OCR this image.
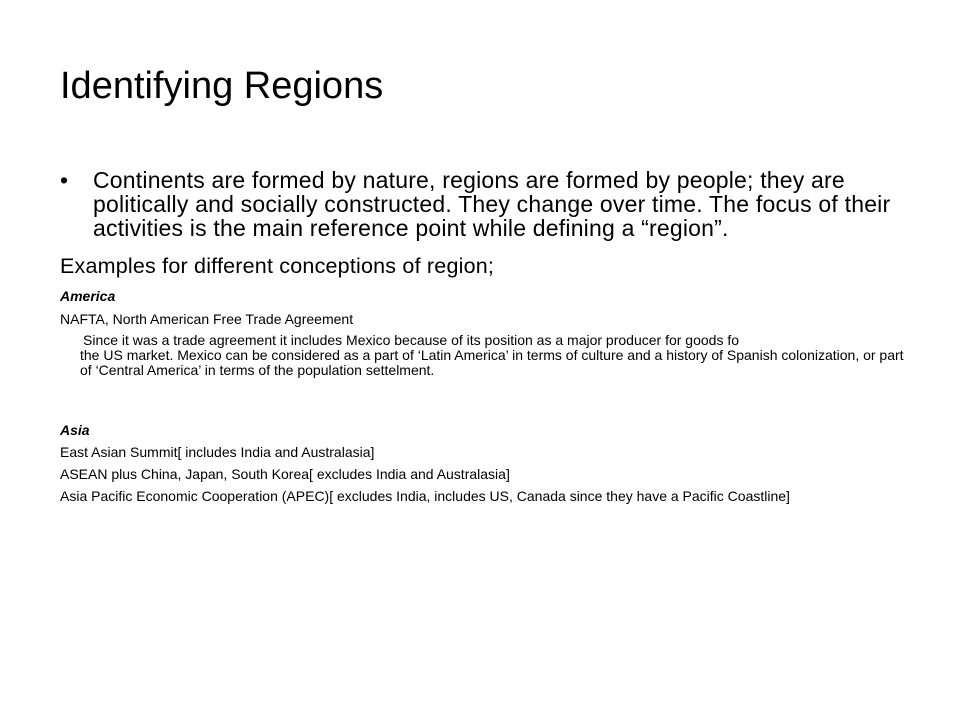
Identifying Regions
• Continents are formed by nature, regions are formed by people; they are politically and socially constructed. They change over time. The focus of their activities is the main reference point while defining a “region”.
Examples for different conceptions of region;
America
NAFTA, North American Free Trade Agreement
Since it was a trade agreement it includes Mexico because of its position as a major producer for goods fo
the US market. Mexico can be considered as a part of ‘Latin America’ in terms of culture and a history of Spanish colonization, or part of ‘Central America’ in terms of the population settelment.
Asia
East Asian Summit[ includes India and Australasia]
ASEAN plus China, Japan, South Korea[ excludes India and Australasia]
Asia Pacific Economic Cooperation (APEC)[ excludes India, includes US, Canada since they have a Pacific Coastline]
